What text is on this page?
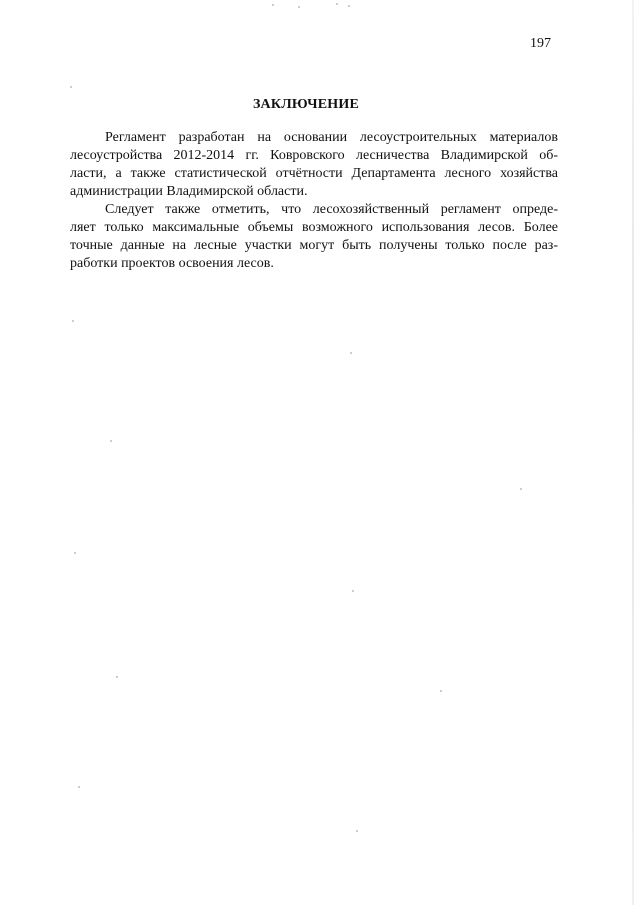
197
ЗАКЛЮЧЕНИЕ
Регламент разработан на основании лесоустроительных материалов
лесоустройства 2012-2014 гг. Ковровского лесничества Владимирской об-
ласти, а также статистической отчётности Департамента лесного хозяйства
администрации Владимирской области.
Следует также отметить, что лесохозяйственный регламент опреде-
ляет только максимальные объемы возможного использования лесов. Более
точные данные на лесные участки могут быть получены только после раз-
работки проектов освоения лесов.
